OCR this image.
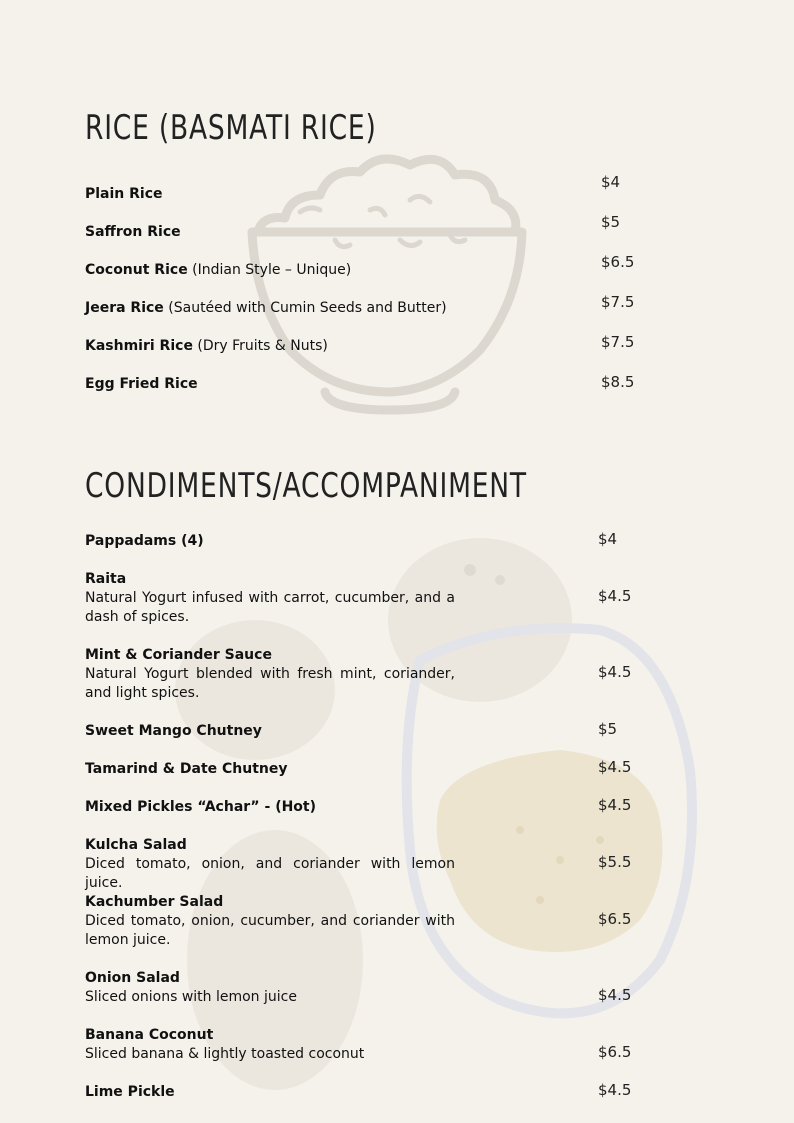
RICE (BASMATI RICE)
Plain Rice
$4
Saffron Rice
$5
Coconut Rice (Indian Style – Unique)	$6.5
Jeera Rice (Sautéed with Cumin Seeds and Butter)	$7.5
Kashmiri Rice (Dry Fruits & Nuts)	$7.5
Egg Fried Rice	$8.5
CONDIMENTS/ACCOMPANIMENT
Pappadams (4)	$4
Raita
Natural Yogurt infused with carrot, cucumber, and a dash of spices.
$4.5
Mint & Coriander Sauce
Natural Yogurt blended with fresh mint, coriander, and light spices.
$4.5
Sweet Mango Chutney	$5
Tamarind & Date Chutney	$4.5
Mixed Pickles “Achar” - (Hot)	$4.5
Kulcha Salad
Diced tomato, onion, and coriander with lemon juice.
$5.5
Kachumber Salad
Diced tomato, onion, cucumber, and coriander with lemon juice.
$6.5
Onion Salad
Sliced onions with lemon juice	$4.5
Banana Coconut
Sliced banana & lightly toasted coconut	$6.5
Lime Pickle	$4.5
